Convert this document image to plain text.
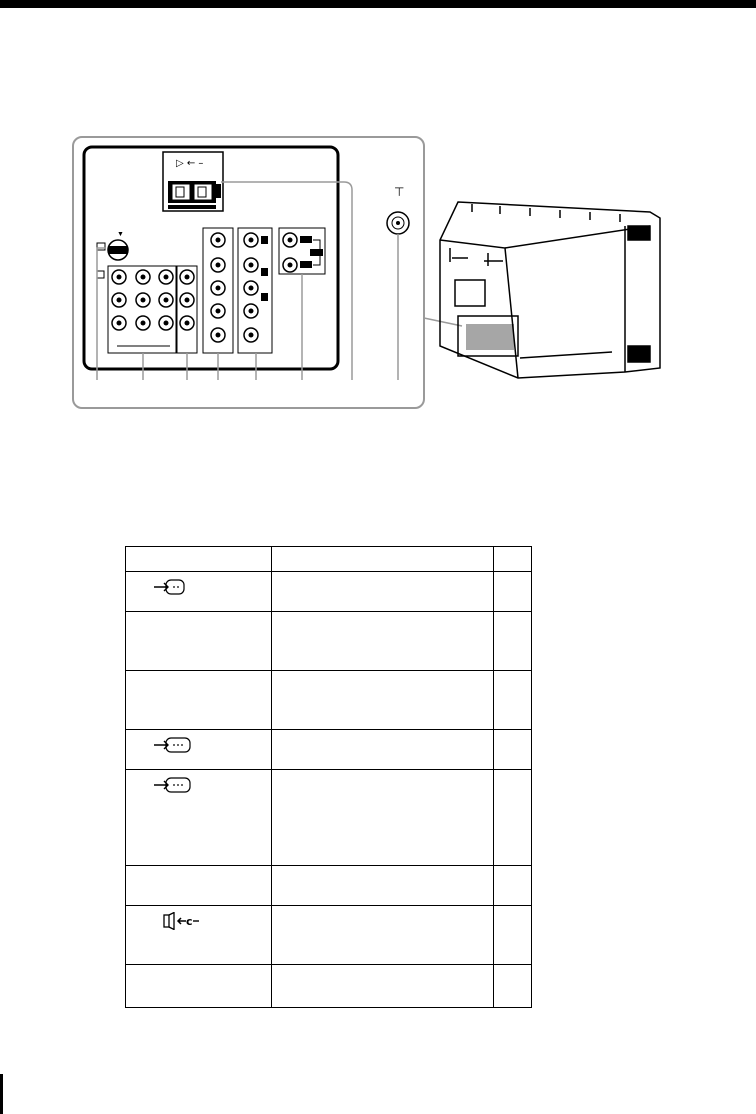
▷ ← –
▼
⊤

c		
